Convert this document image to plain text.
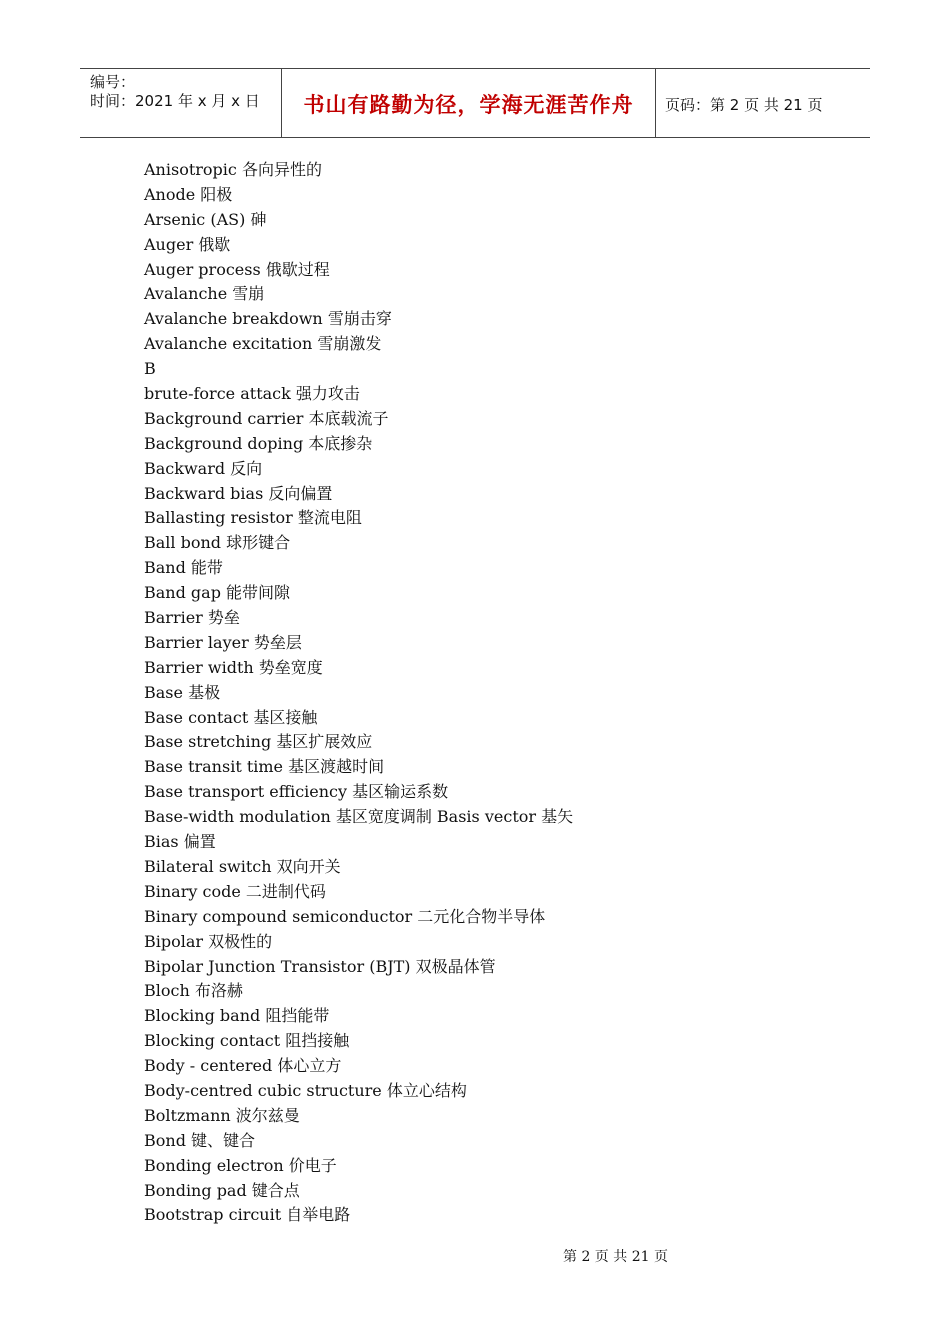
编号：
时间：2021 年 x 月 x 日	书山有路勤为径，学海无涯苦作舟	页码：第 2 页 共 21 页
Anisotropic 各向异性的
Anode 阳极
Arsenic (AS) 砷
Auger 俄歇
Auger process 俄歇过程
Avalanche 雪崩
Avalanche breakdown 雪崩击穿
Avalanche excitation 雪崩激发
B
brute-force attack 强力攻击
Background carrier 本底载流子
Background doping 本底掺杂
Backward 反向
Backward bias 反向偏置
Ballasting resistor 整流电阻
Ball bond 球形键合
Band 能带
Band gap 能带间隙
Barrier 势垒
Barrier layer 势垒层
Barrier width 势垒宽度
Base 基极
Base contact 基区接触
Base stretching 基区扩展效应
Base transit time 基区渡越时间
Base transport efficiency 基区输运系数
Base-width modulation 基区宽度调制 Basis vector 基矢
Bias 偏置
Bilateral switch 双向开关
Binary code 二进制代码
Binary compound semiconductor 二元化合物半导体
Bipolar 双极性的
Bipolar Junction Transistor (BJT) 双极晶体管
Bloch 布洛赫
Blocking band 阻挡能带
Blocking contact 阻挡接触
Body - centered 体心立方
Body-centred cubic structure 体立心结构
Boltzmann 波尔兹曼
Bond 键、键合
Bonding electron 价电子
Bonding pad 键合点
Bootstrap circuit 自举电路
第 2 页 共 21 页
